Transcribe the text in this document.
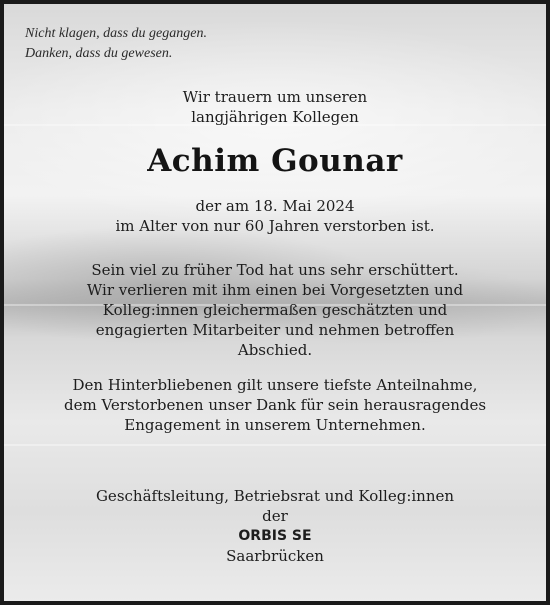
Nicht klagen, dass du gegangen.
Danken, dass du gewesen.
Wir trauern um unseren
langjährigen Kollegen
Achim Gounar
der am 18. Mai 2024
im Alter von nur 60 Jahren verstorben ist.
Sein viel zu früher Tod hat uns sehr erschüttert.
Wir verlieren mit ihm einen bei Vorgesetzten und
Kolleg:innen gleichermaßen geschätzten und
engagierten Mitarbeiter und nehmen betroffen
Abschied.
Den Hinterbliebenen gilt unsere tiefste Anteilnahme,
dem Verstorbenen unser Dank für sein herausragendes
Engagement in unserem Unternehmen.
Geschäftsleitung, Betriebsrat und Kolleg:innen
der
ORBIS SE
Saarbrücken
